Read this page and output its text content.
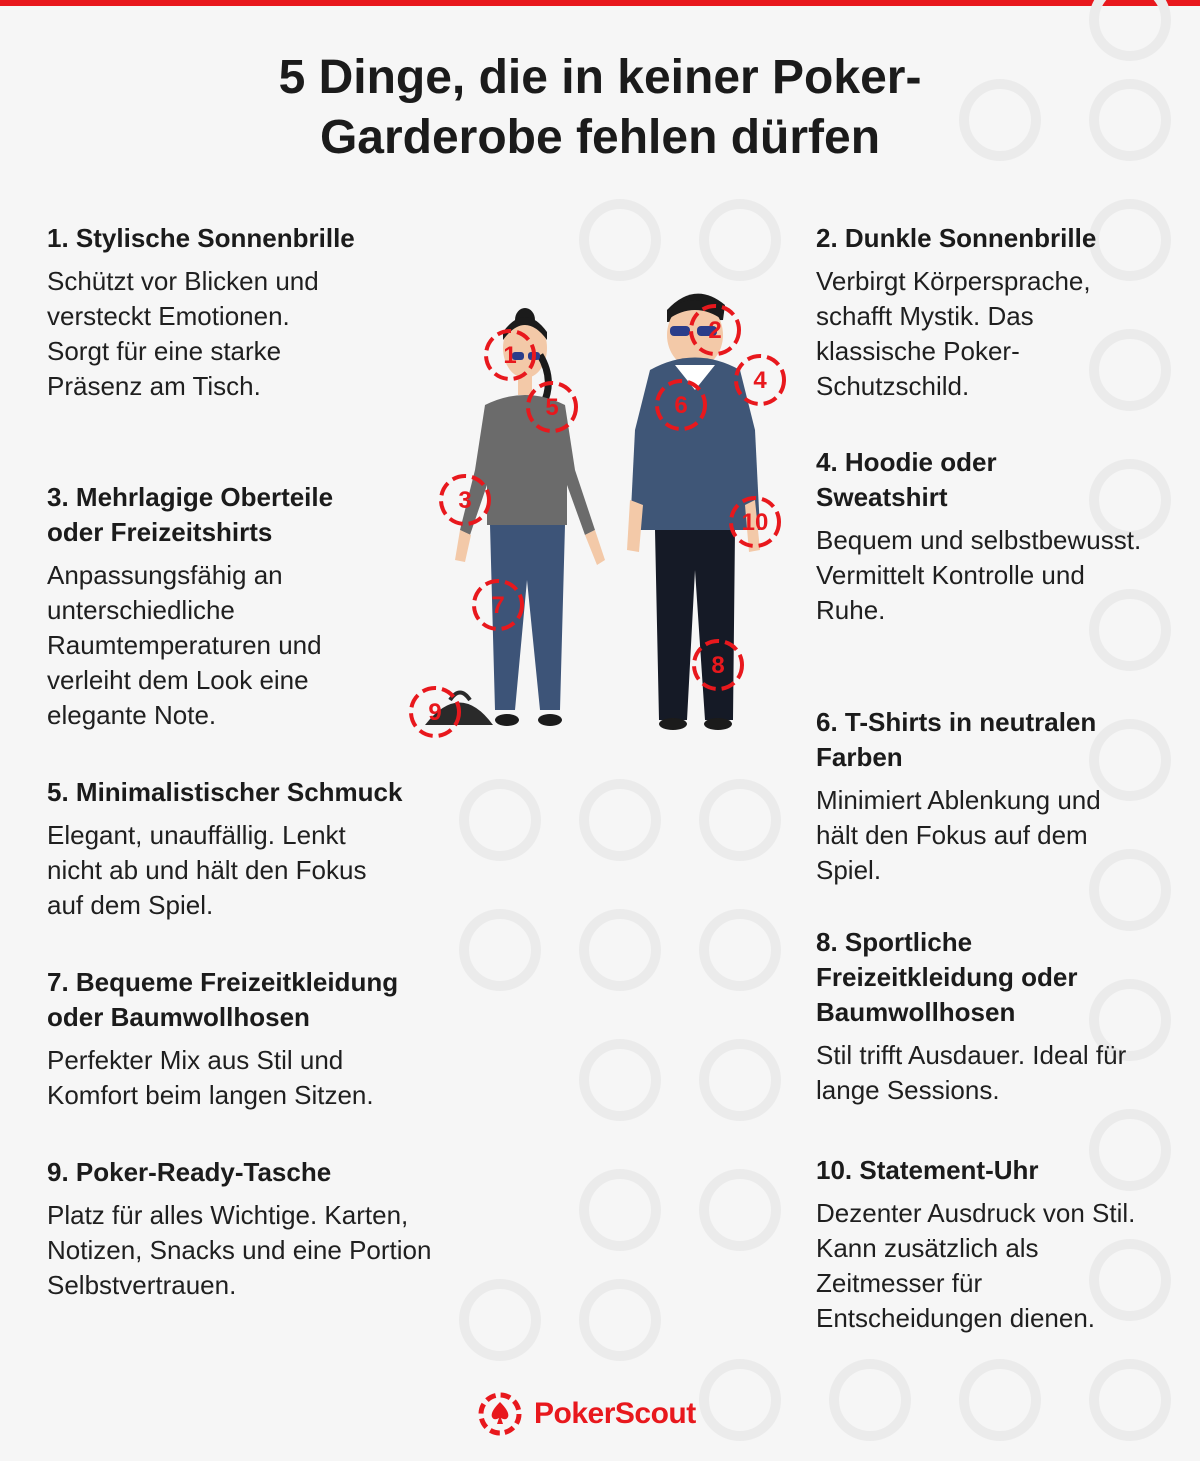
5 Dinge, die in keiner Poker-
Garderobe fehlen dürfen
1. Stylische Sonnenbrille

Schützt vor Blicken und versteckt Emotionen. Sorgt für eine starke Präsenz am Tisch.

3. Mehrlagige Oberteile oder Freizeitshirts

Anpassungsfähig an unterschiedliche Raumtemperaturen und verleiht dem Look eine elegante Note.

5. Minimalistischer Schmuck

Elegant, unauffällig. Lenkt nicht ab und hält den Fokus auf dem Spiel.

7. Bequeme Freizeitkleidung oder Baumwollhosen

Perfekter Mix aus Stil und Komfort beim langen Sitzen.

9. Poker-Ready-Tasche

Platz für alles Wichtige. Karten, Notizen, Snacks und eine Portion Selbstvertrauen.

2. Dunkle Sonnenbrille

Verbirgt Körpersprache, schafft Mystik. Das klassische Poker-Schutzschild.

4. Hoodie oder Sweatshirt

Bequem und selbstbewusst. Vermittelt Kontrolle und Ruhe.

6. T-Shirts in neutralen Farben

Minimiert Ablenkung und hält den Fokus auf dem Spiel.

8. Sportliche Freizeitkleidung oder Baumwollhosen

Stil trifft Ausdauer. Ideal für lange Sessions.

10. Statement-Uhr

Dezenter Ausdruck von Stil. Kann zusätzlich als Zeitmesser für Entscheidungen dienen.

1
2
3
4
5	6
7
8
9
10
PokerScout
